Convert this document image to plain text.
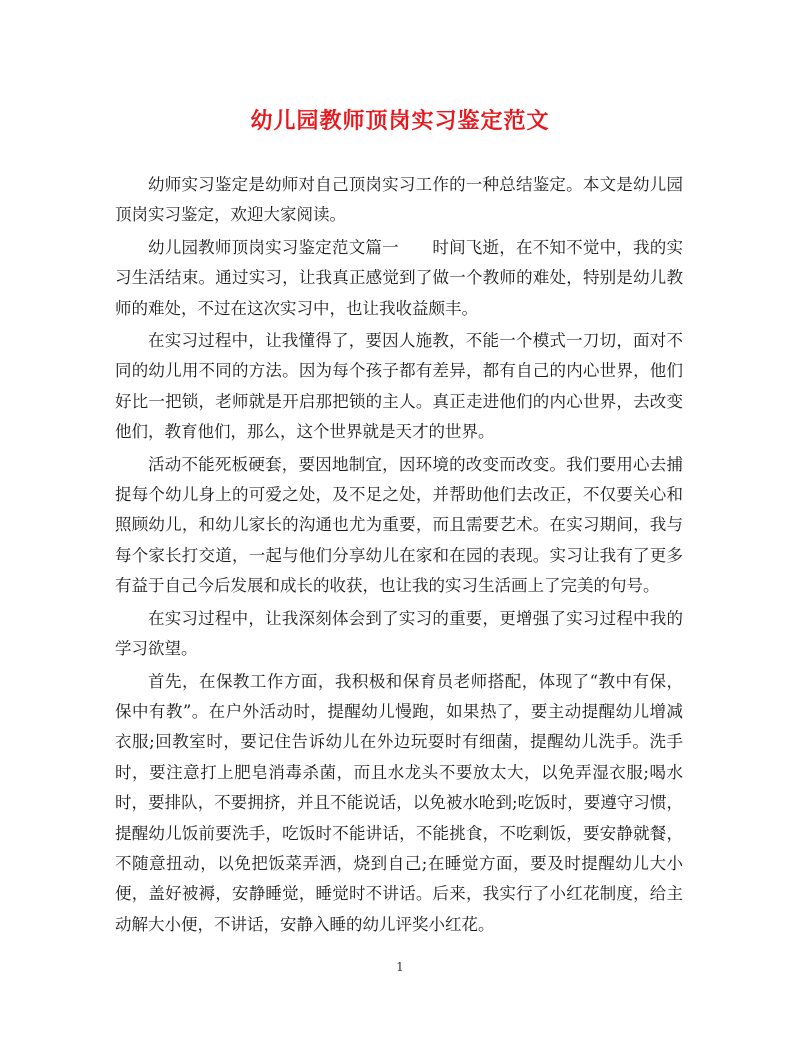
幼儿园教师顶岗实习鉴定范文

幼师实习鉴定是幼师对自己顶岗实习工作的一种总结鉴定。本文是幼儿园顶岗实习鉴定，欢迎大家阅读。

幼儿园教师顶岗实习鉴定范文篇一　　时间飞逝，在不知不觉中，我的实习生活结束。通过实习，让我真正感觉到了做一个教师的难处，特别是幼儿教师的难处，不过在这次实习中，也让我收益颇丰。

在实习过程中，让我懂得了，要因人施教，不能一个模式一刀切，面对不同的幼儿用不同的方法。因为每个孩子都有差异，都有自己的内心世界，他们好比一把锁，老师就是开启那把锁的主人。真正走进他们的内心世界，去改变他们，教育他们，那么，这个世界就是天才的世界。

活动不能死板硬套，要因地制宜，因环境的改变而改变。我们要用心去捕捉每个幼儿身上的可爱之处，及不足之处，并帮助他们去改正，不仅要关心和照顾幼儿，和幼儿家长的沟通也尤为重要，而且需要艺术。在实习期间，我与每个家长打交道，一起与他们分享幼儿在家和在园的表现。实习让我有了更多有益于自己今后发展和成长的收获，也让我的实习生活画上了完美的句号。

在实习过程中，让我深刻体会到了实习的重要，更增强了实习过程中我的学习欲望。

首先，在保教工作方面，我积极和保育员老师搭配，体现了“教中有保，保中有教”。在户外活动时，提醒幼儿慢跑，如果热了，要主动提醒幼儿增减衣服;回教室时，要记住告诉幼儿在外边玩耍时有细菌，提醒幼儿洗手。洗手时，要注意打上肥皂消毒杀菌，而且水龙头不要放太大，以免弄湿衣服;喝水时，要排队，不要拥挤，并且不能说话，以免被水呛到;吃饭时，要遵守习惯，提醒幼儿饭前要洗手，吃饭时不能讲话，不能挑食，不吃剩饭，要安静就餐，不随意扭动，以免把饭菜弄洒，烧到自己;在睡觉方面，要及时提醒幼儿大小便，盖好被褥，安静睡觉，睡觉时不讲话。后来，我实行了小红花制度，给主动解大小便，不讲话，安静入睡的幼儿评奖小红花。

1
